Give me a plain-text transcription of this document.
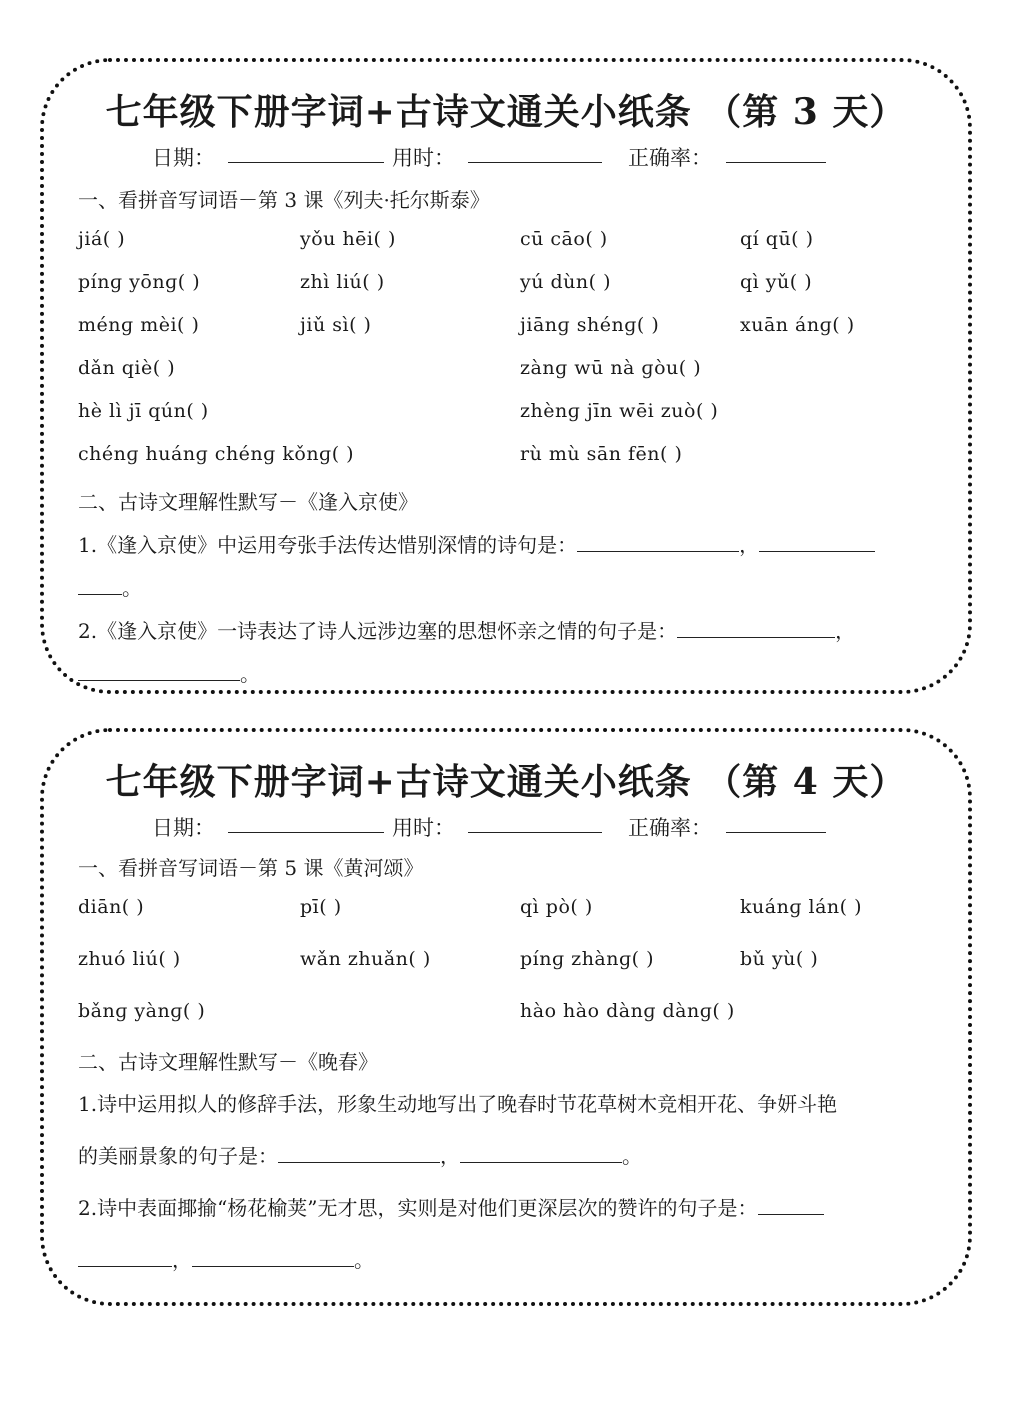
七年级下册字词+古诗文通关小纸条 （第 3 天）
日期：	用时：	正确率：
一、看拼音写词语－第 3 课《列夫·托尔斯泰》
jiá( )	yǒu hēi( )	cū cāo( )	qí qū( )
pínɡ yōnɡ( )	zhì liú( )	yú dùn( )	qì yǔ( )
ménɡ mèi( )	jiǔ sì( )	jiānɡ shénɡ( )	xuān ánɡ( )
dǎn qiè( )	zànɡ wū nà ɡòu( )
hè lì jī qún( )	zhènɡ jīn wēi zuò( )
chénɡ huánɡ chénɡ kǒnɡ( )	rù mù sān fēn( )
二、古诗文理解性默写－《逢入京使》
1.《逢入京使》中运用夸张手法传达惜别深情的诗句是：	，
。
2.《逢入京使》一诗表达了诗人远涉边塞的思想怀亲之情的句子是：	，
。
七年级下册字词+古诗文通关小纸条 （第 4 天）
日期：	用时：	正确率：
一、看拼音写词语－第 5 课《黄河颂》
diān( )	pī( )	qì pò( )	kuánɡ lán( )
zhuó liú( )	wǎn zhuǎn( )	pínɡ zhànɡ( )	bǔ yù( )
bǎnɡ yànɡ( )	hào hào dànɡ dànɡ( )
二、古诗文理解性默写－《晚春》
1.诗中运用拟人的修辞手法，形象生动地写出了晚春时节花草树木竞相开花、争妍斗艳
的美丽景象的句子是：	，	。
2.诗中表面揶揄“杨花榆荚”无才思，实则是对他们更深层次的赞许的句子是：
，	。
